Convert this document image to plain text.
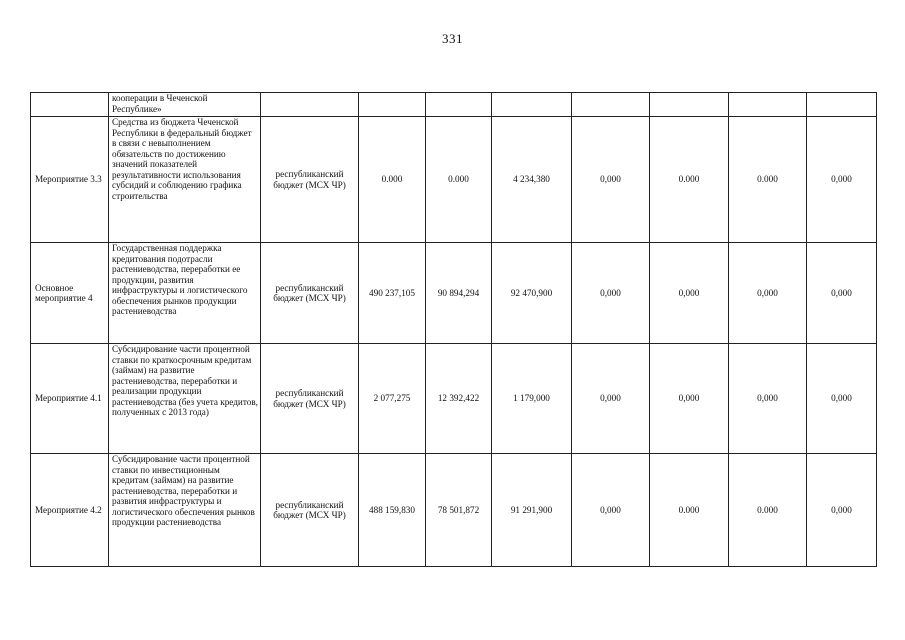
331
	кооперации в Чеченской Республике»								
Мероприятие 3.3	Средства из бюджета Чеченской Республики в федеральный бюджет в связи с невыполнением обязательств по достижению значений показателей результативности использования субсидий и соблюдению графика строительства	республиканский бюджет (МСХ ЧР)	0.000	0.000	4 234,380	0,000	0.000	0.000	0,000
Основное мероприятие 4	Государственная поддержка кредитования подотрасли растениеводства, переработки ее продукции, развития инфраструктуры и логистического обеспечения рынков продукции растениеводства	республиканский бюджет (МСХ ЧР)	490 237,105	90 894,294	92 470,900	0,000	0,000	0,000	0,000
Мероприятие 4.1	Субсидирование части процентной ставки по краткосрочным кредитам (займам) на развитие растениеводства, переработки и реализации продукции растениеводства (без учета кредитов, полученных с 2013 года)	республиканский бюджет (МСХ ЧР)	2 077,275	12 392,422	1 179,000	0,000	0,000	0,000	0,000
Мероприятие 4.2	Субсидирование части процентной ставки по инвестиционным кредитам (займам) на развитие растениеводства, переработки и развития инфраструктуры и логистического обеспечения рынков продукции растениеводства	республиканский бюджет (МСХ ЧР)	488 159,830	78 501,872	91 291,900	0,000	0.000	0.000	0,000
